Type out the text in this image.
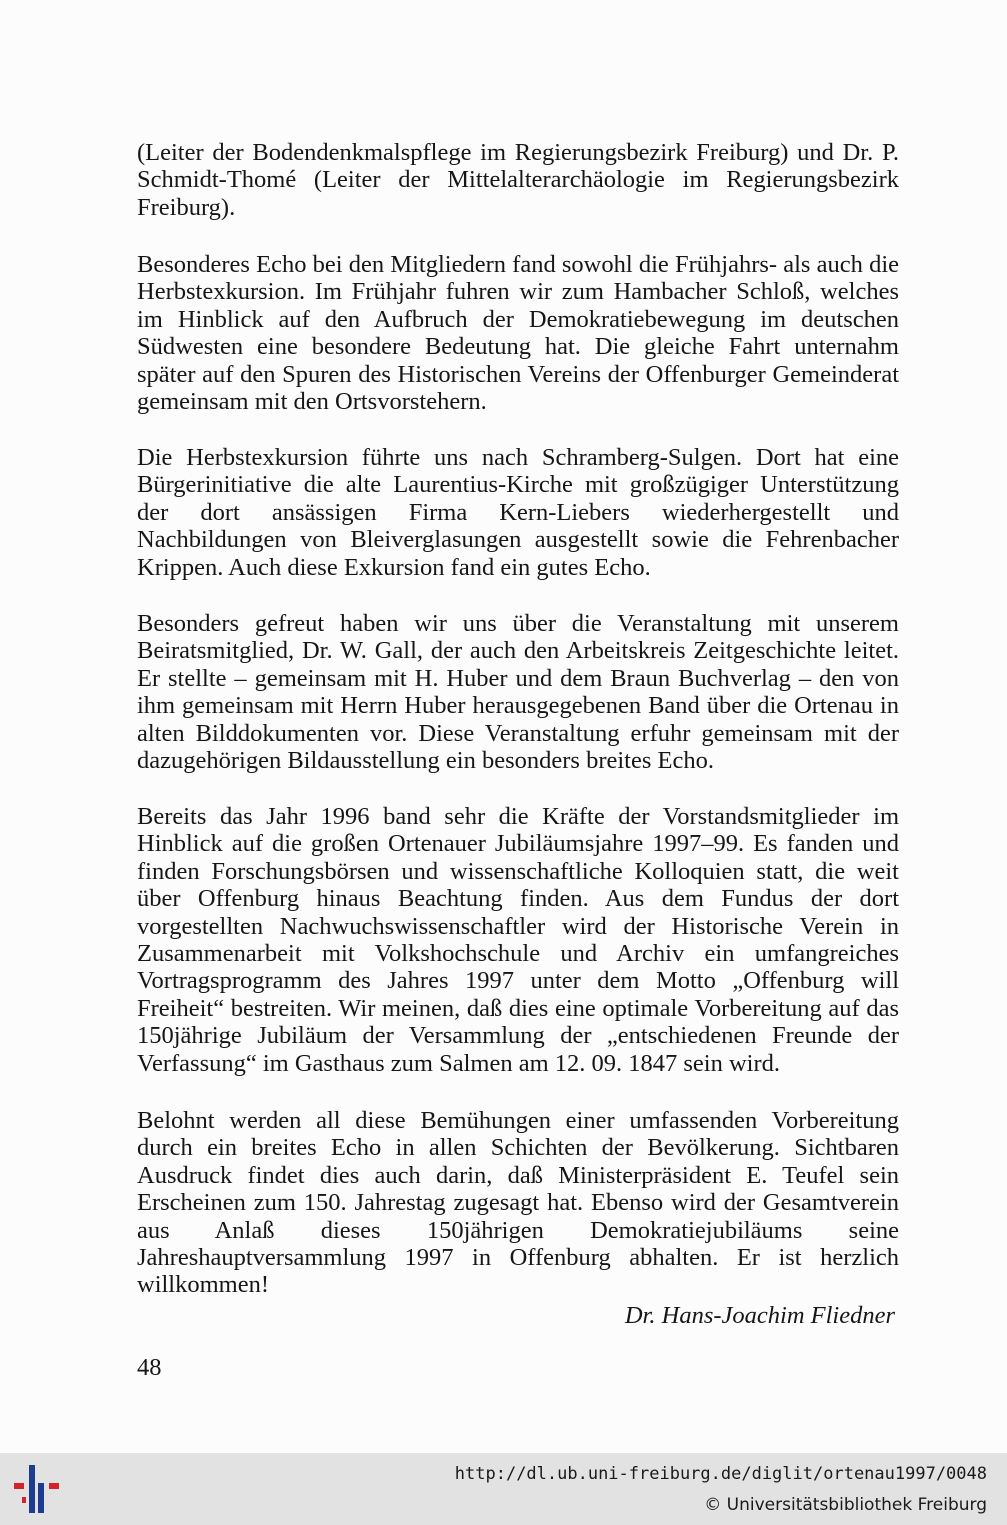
(Leiter der Bodendenkmalspflege im Regierungsbezirk Freiburg) und Dr. P. Schmidt-Thomé (Leiter der Mittelalterarchäologie im Regierungsbezirk Freiburg).

Besonderes Echo bei den Mitgliedern fand sowohl die Frühjahrs- als auch die Herbstexkursion. Im Frühjahr fuhren wir zum Hambacher Schloß, welches im Hinblick auf den Aufbruch der Demokratiebewegung im deutschen Südwesten eine besondere Bedeutung hat. Die gleiche Fahrt unternahm später auf den Spuren des Historischen Vereins der Offenburger Gemeinderat gemeinsam mit den Ortsvorstehern.

Die Herbstexkursion führte uns nach Schramberg-Sulgen. Dort hat eine Bürgerinitiative die alte Laurentius-Kirche mit großzügiger Unterstützung der dort ansässigen Firma Kern-Liebers wiederhergestellt und Nachbildungen von Bleiverglasungen ausgestellt sowie die Fehrenbacher Krippen. Auch diese Exkursion fand ein gutes Echo.

Besonders gefreut haben wir uns über die Veranstaltung mit unserem Beiratsmitglied, Dr. W. Gall, der auch den Arbeitskreis Zeitgeschichte leitet. Er stellte – gemeinsam mit H. Huber und dem Braun Buchverlag – den von ihm gemeinsam mit Herrn Huber herausgegebenen Band über die Ortenau in alten Bilddokumenten vor. Diese Veranstaltung erfuhr gemeinsam mit der dazugehörigen Bildausstellung ein besonders breites Echo.

Bereits das Jahr 1996 band sehr die Kräfte der Vorstandsmitglieder im Hinblick auf die großen Ortenauer Jubiläumsjahre 1997–99. Es fanden und finden Forschungsbörsen und wissenschaftliche Kolloquien statt, die weit über Offenburg hinaus Beachtung finden. Aus dem Fundus der dort vorgestellten Nachwuchswissenschaftler wird der Historische Verein in Zusammenarbeit mit Volkshochschule und Archiv ein umfangreiches Vortragsprogramm des Jahres 1997 unter dem Motto „Offenburg will Freiheit“ bestreiten. Wir meinen, daß dies eine optimale Vorbereitung auf das 150jährige Jubiläum der Versammlung der „entschiedenen Freunde der Verfassung“ im Gasthaus zum Salmen am 12. 09. 1847 sein wird.

Belohnt werden all diese Bemühungen einer umfassenden Vorbereitung durch ein breites Echo in allen Schichten der Bevölkerung. Sichtbaren Ausdruck findet dies auch darin, daß Ministerpräsident E. Teufel sein Erscheinen zum 150. Jahrestag zugesagt hat. Ebenso wird der Gesamtverein aus Anlaß dieses 150jährigen Demokratiejubiläums seine Jahreshauptversammlung 1997 in Offenburg abhalten. Er ist herzlich willkommen!

Dr. Hans-Joachim Fliedner
48
http://dl.ub.uni-freiburg.de/diglit/ortenau1997/0048
© Universitätsbibliothek Freiburg
